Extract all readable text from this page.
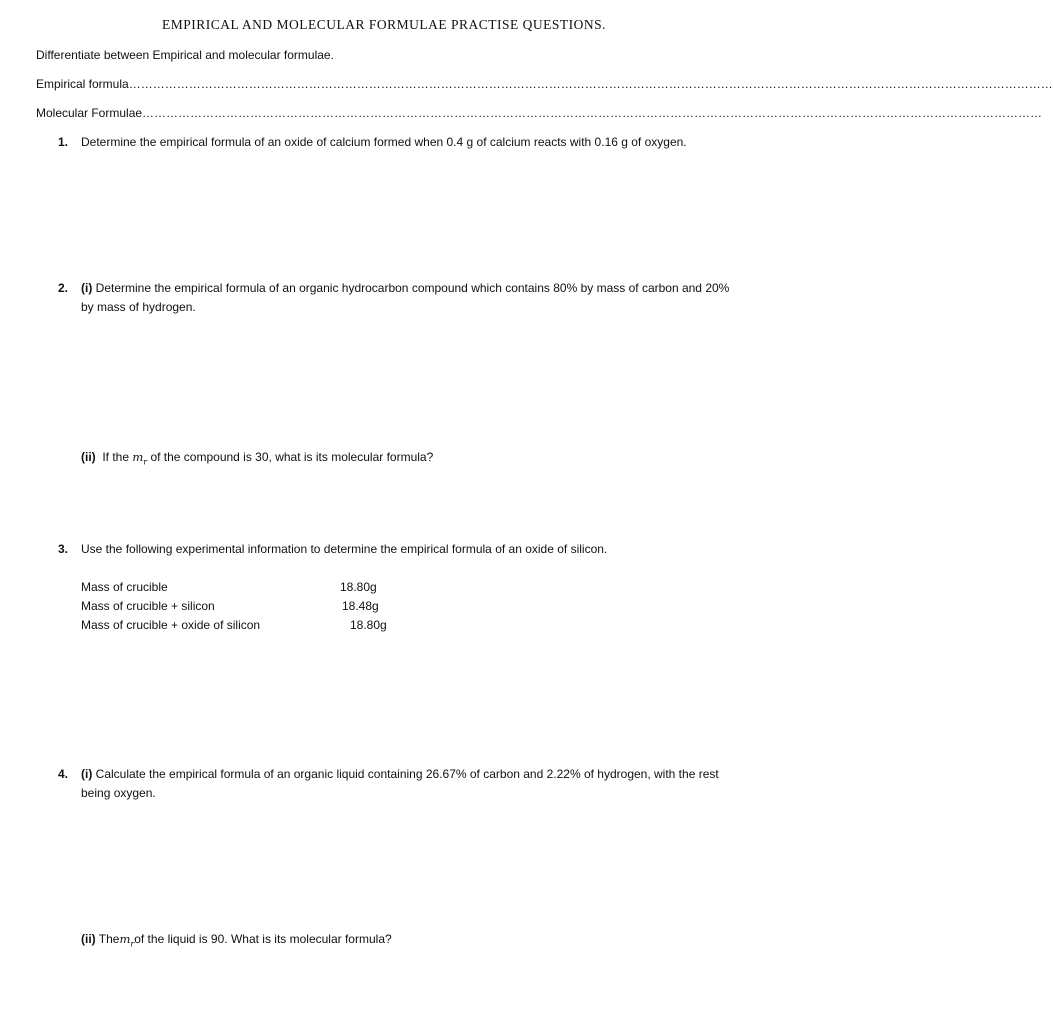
EMPIRICAL AND MOLECULAR FORMULAE PRACTISE QUESTIONS.
Differentiate between Empirical and molecular formulae.
Empirical formula……………………………………………………………………………………………………………………………………………………………………………………………………………
Molecular Formulae………………………………………………………………………………………………………………………………………………………………………………………………………
1. Determine the empirical formula of an oxide of calcium formed when 0.4 g of calcium reacts with 0.16 g of oxygen.
2. (i) Determine the empirical formula of an organic hydrocarbon compound which contains 80% by mass of carbon and 20% by mass of hydrogen.
(ii) If the $m_r$ of the compound is 30, what is its molecular formula?
3. Use the following experimental information to determine the empirical formula of an oxide of silicon.
Mass of crucible	18.80g
Mass of crucible + silicon	18.48g
Mass of crucible + oxide of silicon	18.80g
4. (i) Calculate the empirical formula of an organic liquid containing 26.67% of carbon and 2.22% of hydrogen, with the rest being oxygen.
(ii) Them$_r$of the liquid is 90. What is its molecular formula?
